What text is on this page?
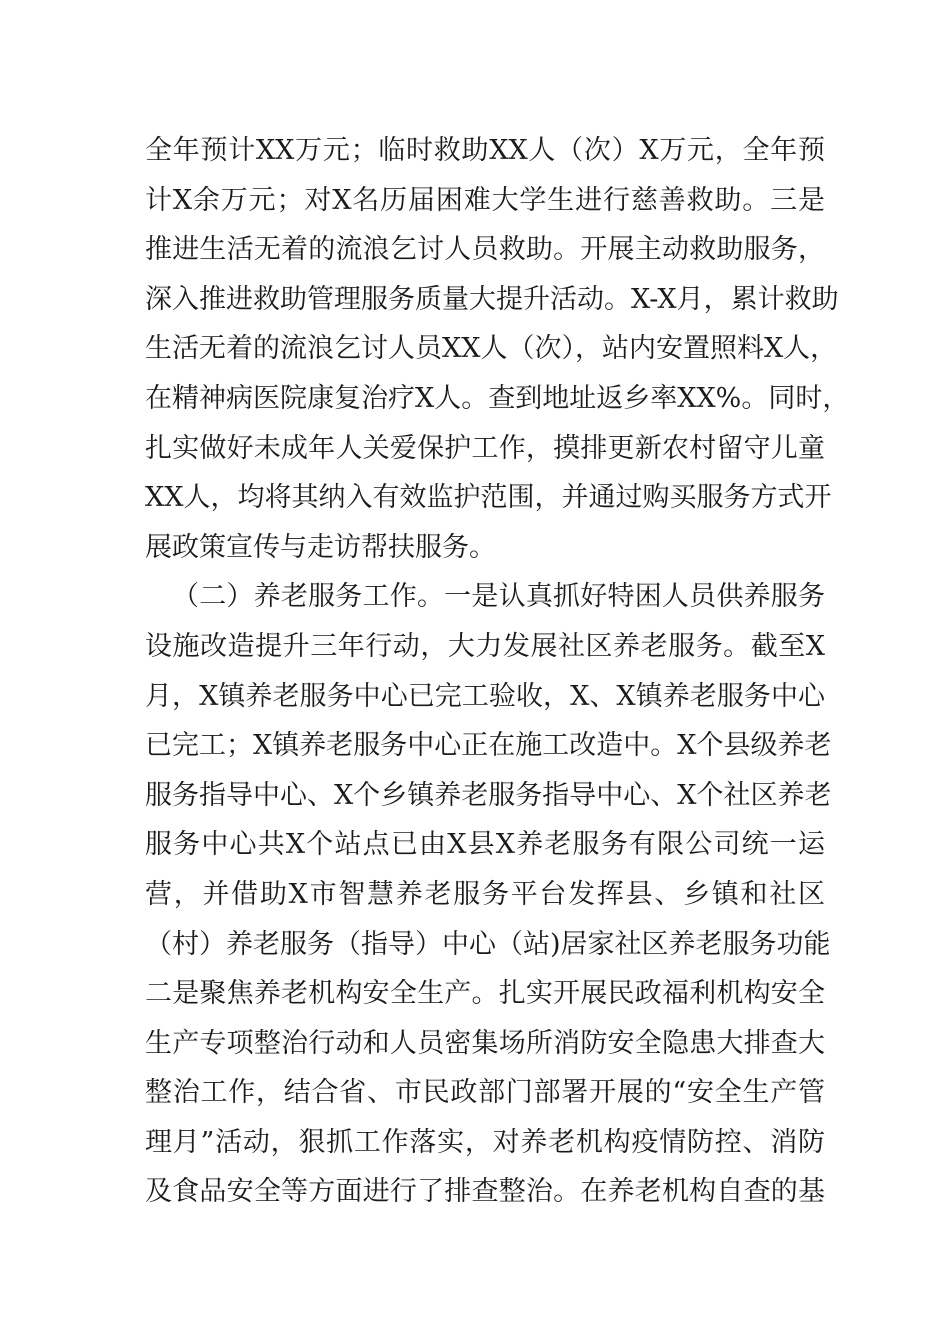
全年预计XX万元；临时救助XX人（次）X万元，全年预
计X余万元；对X名历届困难大学生进行慈善救助。三是
推进生活无着的流浪乞讨人员救助。开展主动救助服务，
深入推进救助管理服务质量大提升活动。X-X月，累计救助
生活无着的流浪乞讨人员XX人（次），站内安置照料X人，
在精神病医院康复治疗X人。查到地址返乡率XX%。同时，
扎实做好未成年人关爱保护工作，摸排更新农村留守儿童
XX人，均将其纳入有效监护范围，并通过购买服务方式开
展政策宣传与走访帮扶服务。
（二）养老服务工作。一是认真抓好特困人员供养服务
设施改造提升三年行动，大力发展社区养老服务。截至X
月，X镇养老服务中心已完工验收，X、X镇养老服务中心
已完工；X镇养老服务中心正在施工改造中。X个县级养老
服务指导中心、X个乡镇养老服务指导中心、X个社区养老
服务中心共X个站点已由X县X养老服务有限公司统一运
营，并借助X市智慧养老服务平台发挥县、乡镇和社区
（村）养老服务（指导）中心（站)居家社区养老服务功能
二是聚焦养老机构安全生产。扎实开展民政福利机构安全
生产专项整治行动和人员密集场所消防安全隐患大排查大
整治工作，结合省、市民政部门部署开展的“安全生产管
理月”活动，狠抓工作落实，对养老机构疫情防控、消防
及食品安全等方面进行了排查整治。在养老机构自查的基
